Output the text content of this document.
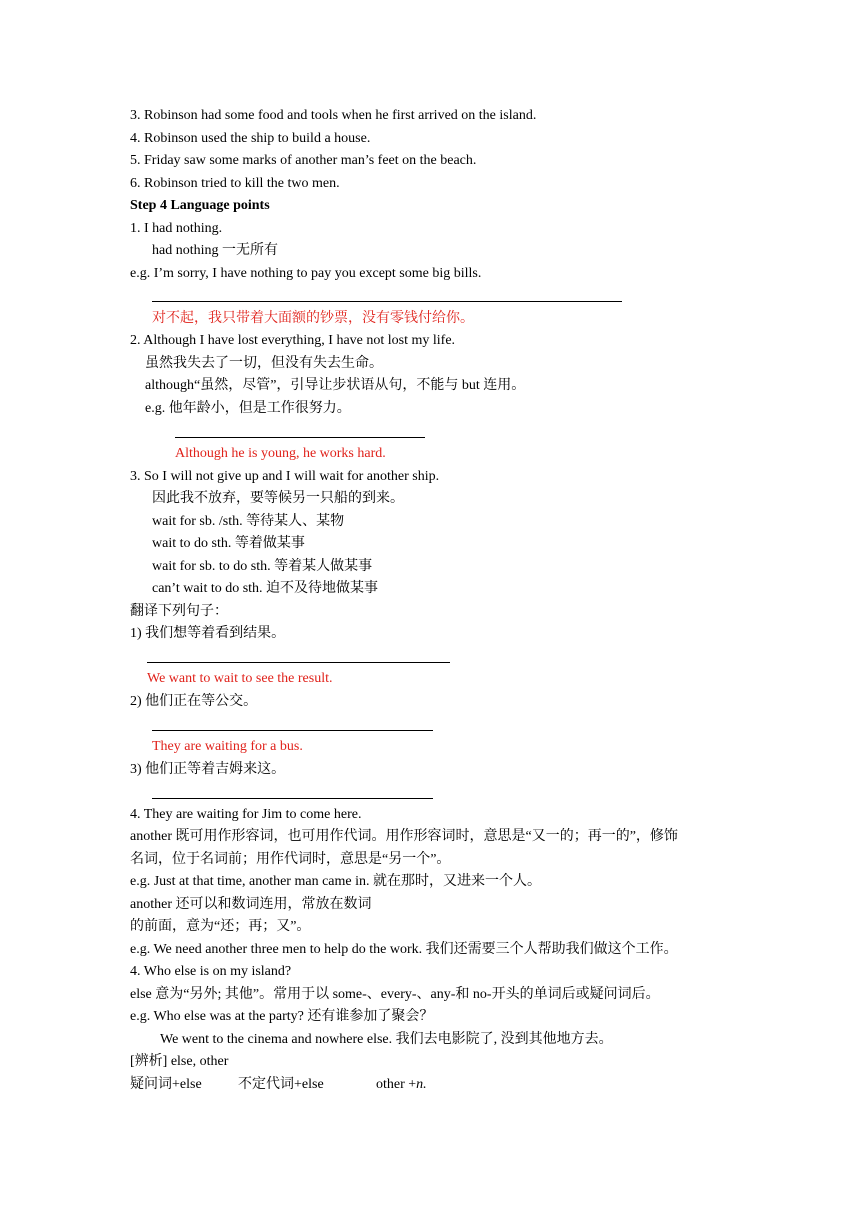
3. Robinson had some food and tools when he first arrived on the island.

4. Robinson used the ship to build a house.

5. Friday saw some marks of another man’s feet on the beach.

6. Robinson tried to kill the two men.

Step 4 Language points

1. I had nothing.

had nothing 一无所有

e.g. I’m sorry, I have nothing to pay you except some big bills.

对不起，我只带着大面额的钞票，没有零钱付给你。

2. Although I have lost everything, I have not lost my life.

虽然我失去了一切，但没有失去生命。

although“虽然，尽管”，引导让步状语从句，不能与 but 连用。

e.g. 他年龄小，但是工作很努力。

Although he is young, he works hard.

3. So I will not give up and I will wait for another ship.

因此我不放弃，要等候另一只船的到来。

wait for sb. /sth. 等待某人、某物

wait to do sth. 等着做某事

wait for sb. to do sth. 等着某人做某事

can’t wait to do sth. 迫不及待地做某事

翻译下列句子：

1) 我们想等着看到结果。

We want to wait to see the result.

2) 他们正在等公交。

They are waiting for a bus.

3) 他们正等着吉姆来这。

4. They are waiting for Jim to come here.

another 既可用作形容词，也可用作代词。用作形容词时，意思是“又一的；再一的”，修饰

名词，位于名词前；用作代词时，意思是“另一个”。

e.g. Just at that time, another man came in. 就在那时，又进来一个人。

another 还可以和数词连用，常放在数词

的前面，意为“还；再；又”。

e.g. We need another three men to help do the work. 我们还需要三个人帮助我们做这个工作。

4. Who else is on my island?

else 意为“另外; 其他”。常用于以 some-、every-、any-和 no-开头的单词后或疑问词后。

e.g. Who else was at the party? 还有谁参加了聚会？

We went to the cinema and nowhere else. 我们去电影院了, 没到其他地方去。

[辨析] else, other

疑问词+else	不定代词+else	other +n.
